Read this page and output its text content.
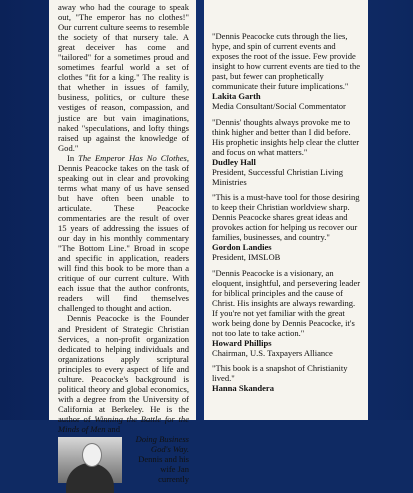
away who had the courage to speak out, "The emperor has no clothes!" Our current culture seems to resemble the society of that nursery tale. A great deceiver has come and "tailored" for a sometimes proud and sometimes fearful world a set of clothes "fit for a king." The reality is that whether in issues of family, business, politics, or culture these vestiges of reason, compassion, and justice are but vain imaginations, naked "speculations, and lofty things raised up against the knowledge of God."

In The Emperor Has No Clothes, Dennis Peacocke takes on the task of speaking out in clear and provoking terms what many of us have sensed but have often been unable to articulate. These Peacocke commentaries are the result of over 15 years of addressing the issues of our day in his monthly commentary "The Bottom Line." Broad in scope and specific in application, readers will find this book to be more than a critique of our current culture. With each issue that the author confronts, readers will find themselves challenged to thought and action.

Dennis Peacocke is the Founder and President of Strategic Christian Services, a non-profit organization dedicated to helping individuals and organizations apply scriptural principles to every aspect of life and culture. Peacocke's background is political theory and global economics, with a degree from the University of California at Berkeley. He is the author of Winning the Battle for the Minds of Men and

Doing Business God's Way. Dennis and his wife Jan currently

"Dennis Peacocke cuts through the lies, hype, and spin of current events and exposes the root of the issue. Few provide insight to how current events are tied to the past, but fewer can prophetically communicate their future implications."

Lakita Garth

Media Consultant/Social Commentator

"Dennis' thoughts always provoke me to think higher and better than I did before. His prophetic insights help clear the clutter and focus on what matters."

Dudley Hall

President, Successful Christian Living Ministries

"This is a must-have tool for those desiring to keep their Christian worldview sharp. Dennis Peacocke shares great ideas and provokes action for helping us recover our families, businesses, and country."

Gordon Landies

President, IMSLOB

"Dennis Peacocke is a visionary, an eloquent, insightful, and persevering leader for biblical principles and the cause of Christ. His insights are always rewarding. If you're not yet familiar with the great work being done by Dennis Peacocke, it's not too late to take action."

Howard Phillips

Chairman, U.S. Taxpayers Alliance

"This book is a snapshot of Christianity lived."

Hanna Skandera
